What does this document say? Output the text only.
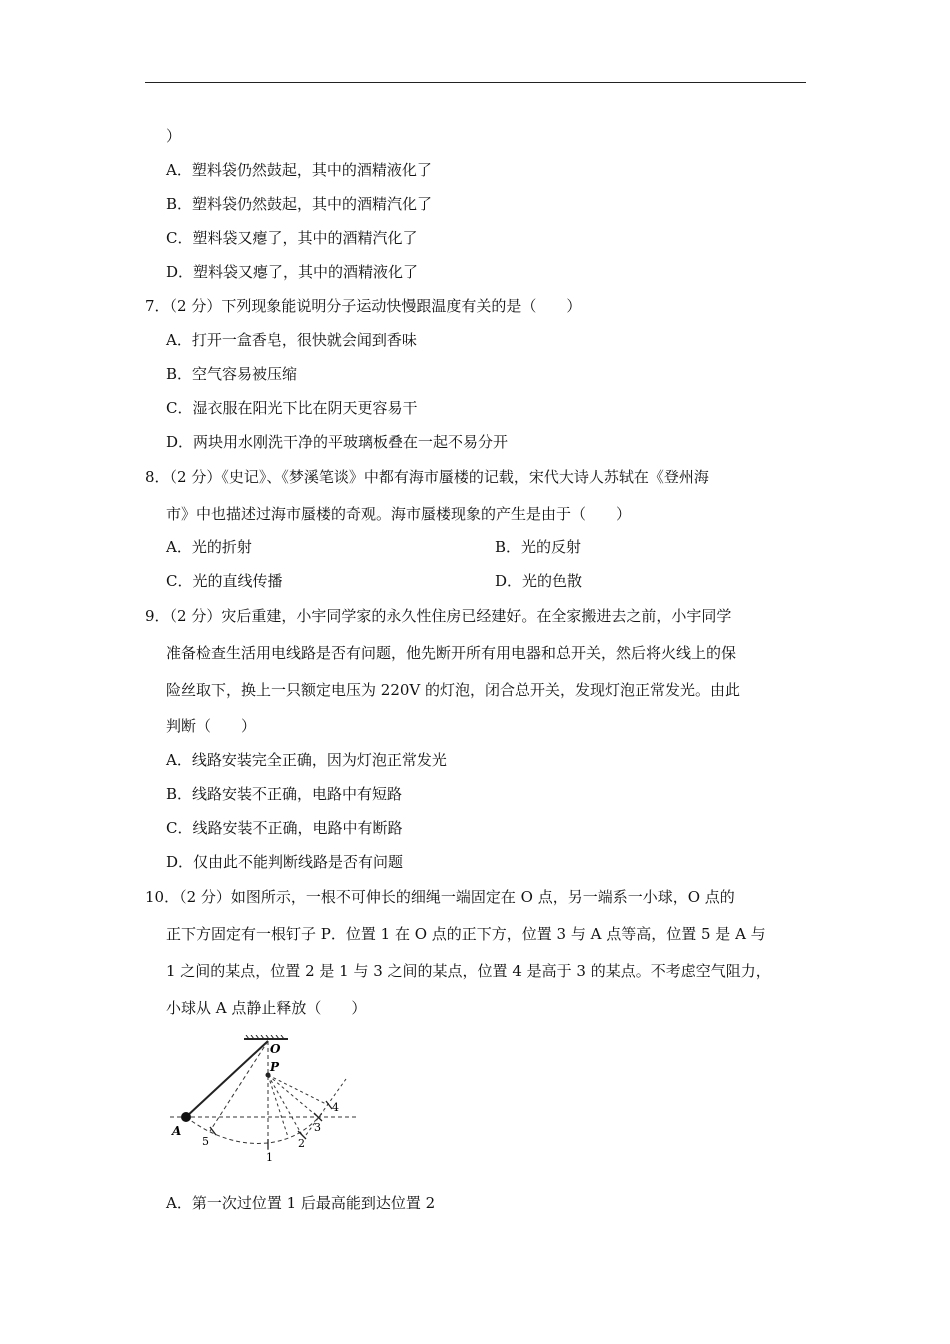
）
A．塑料袋仍然鼓起，其中的酒精液化了
B．塑料袋仍然鼓起，其中的酒精汽化了
C．塑料袋又瘪了，其中的酒精汽化了
D．塑料袋又瘪了，其中的酒精液化了
7．（2 分）下列现象能说明分子运动快慢跟温度有关的是（　　）
A．打开一盒香皂，很快就会闻到香味
B．空气容易被压缩
C．湿衣服在阳光下比在阴天更容易干
D．两块用水刚洗干净的平玻璃板叠在一起不易分开
8．（2 分）《史记》、《梦溪笔谈》中都有海市蜃楼的记载，宋代大诗人苏轼在《登州海
市》中也描述过海市蜃楼的奇观。海市蜃楼现象的产生是由于（　　）
A．光的折射	B．光的反射
C．光的直线传播	D．光的色散
9．（2 分）灾后重建，小宇同学家的永久性住房已经建好。在全家搬进去之前，小宇同学
准备检查生活用电线路是否有问题，他先断开所有用电器和总开关，然后将火线上的保
险丝取下，换上一只额定电压为 220V 的灯泡，闭合总开关，发现灯泡正常发光。由此
判断（　　）
A．线路安装完全正确，因为灯泡正常发光
B．线路安装不正确，电路中有短路
C．线路安装不正确，电路中有断路
D．仅由此不能判断线路是否有问题
10．（2 分）如图所示，一根不可伸长的细绳一端固定在 O 点，另一端系一小球，O 点的
正下方固定有一根钉子 P．位置 1 在 O 点的正下方，位置 3 与 A 点等高，位置 5 是 A 与
1 之间的某点，位置 2 是 1 与 3 之间的某点，位置 4 是高于 3 的某点。不考虑空气阻力，
小球从 A 点静止释放（　　）
O
P
A
5
1
2
3
4
A．第一次过位置 1 后最高能到达位置 2
